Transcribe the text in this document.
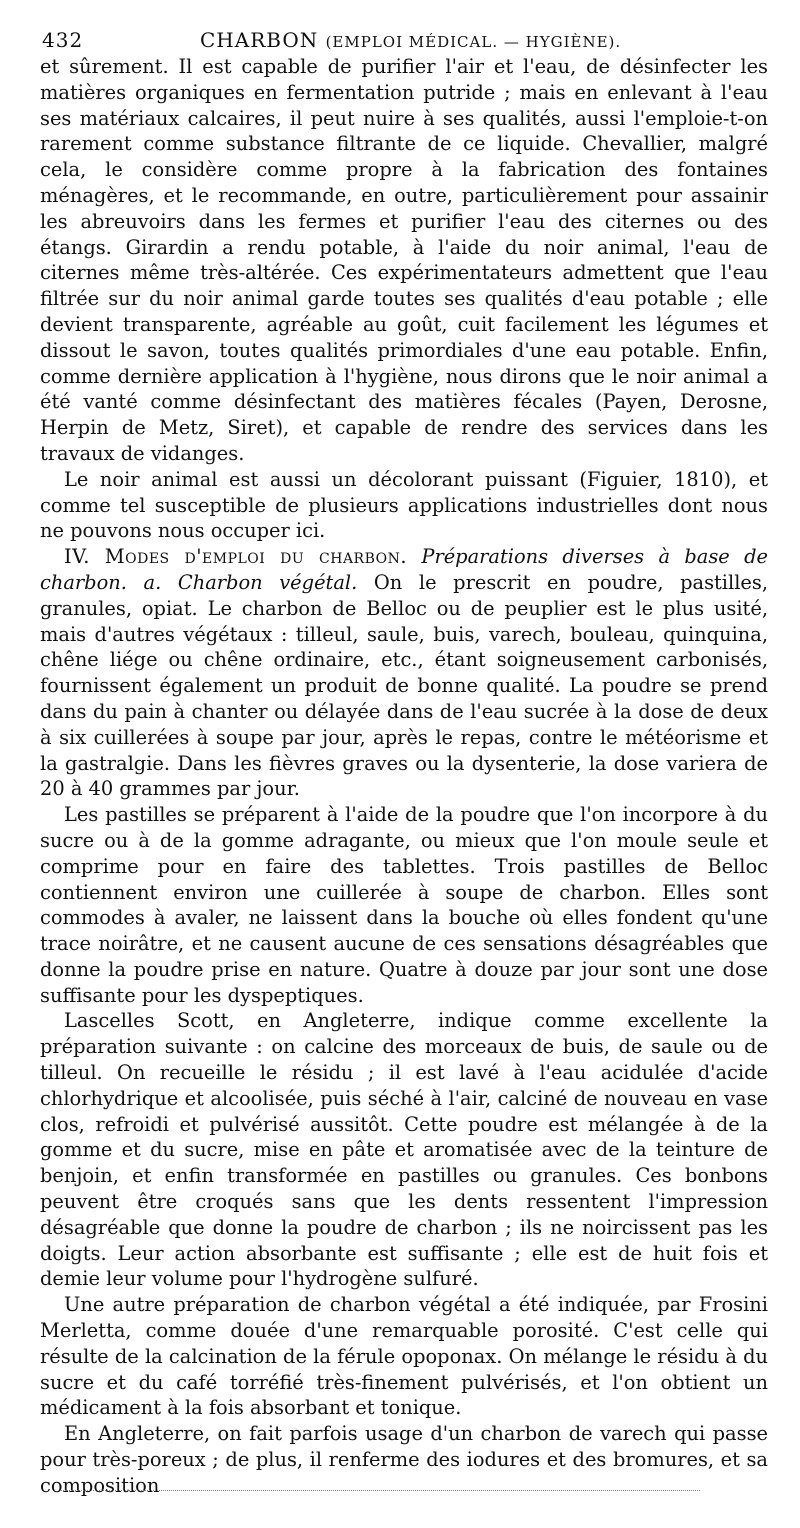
432	CHARBON (EMPLOI MÉDICAL. — HYGIÈNE).

et sûrement. Il est capable de purifier l'air et l'eau, de désinfecter les matières organiques en fermentation putride ; mais en enlevant à l'eau ses matériaux calcaires, il peut nuire à ses qualités, aussi l'emploie-t-on rarement comme substance filtrante de ce liquide. Chevallier, malgré cela, le considère comme propre à la fabrication des fontaines ménagères, et le recommande, en outre, particulièrement pour assainir les abreuvoirs dans les fermes et purifier l'eau des citernes ou des étangs. Girardin a rendu potable, à l'aide du noir animal, l'eau de citernes même très-altérée. Ces expérimentateurs admettent que l'eau filtrée sur du noir animal garde toutes ses qualités d'eau potable ; elle devient transparente, agréable au goût, cuit facilement les légumes et dissout le savon, toutes qualités primordiales d'une eau potable. Enfin, comme dernière application à l'hygiène, nous dirons que le noir animal a été vanté comme désinfectant des matières fécales (Payen, Derosne, Herpin de Metz, Siret), et capable de rendre des services dans les travaux de vidanges.

Le noir animal est aussi un décolorant puissant (Figuier, 1810), et comme tel susceptible de plusieurs applications industrielles dont nous ne pouvons nous occuper ici.

IV. Modes d'emploi du charbon. Préparations diverses à base de charbon. a. Charbon végétal. On le prescrit en poudre, pastilles, granules, opiat. Le charbon de Belloc ou de peuplier est le plus usité, mais d'autres végétaux : tilleul, saule, buis, varech, bouleau, quinquina, chêne liége ou chêne ordinaire, etc., étant soigneusement carbonisés, fournissent également un produit de bonne qualité. La poudre se prend dans du pain à chanter ou délayée dans de l'eau sucrée à la dose de deux à six cuillerées à soupe par jour, après le repas, contre le météorisme et la gastralgie. Dans les fièvres graves ou la dysenterie, la dose variera de 20 à 40 grammes par jour.

Les pastilles se préparent à l'aide de la poudre que l'on incorpore à du sucre ou à de la gomme adragante, ou mieux que l'on moule seule et comprime pour en faire des tablettes. Trois pastilles de Belloc contiennent environ une cuillerée à soupe de charbon. Elles sont commodes à avaler, ne laissent dans la bouche où elles fondent qu'une trace noirâtre, et ne causent aucune de ces sensations désagréables que donne la poudre prise en nature. Quatre à douze par jour sont une dose suffisante pour les dyspeptiques.

Lascelles Scott, en Angleterre, indique comme excellente la préparation suivante : on calcine des morceaux de buis, de saule ou de tilleul. On recueille le résidu ; il est lavé à l'eau acidulée d'acide chlorhydrique et alcoolisée, puis séché à l'air, calciné de nouveau en vase clos, refroidi et pulvérisé aussitôt. Cette poudre est mélangée à de la gomme et du sucre, mise en pâte et aromatisée avec de la teinture de benjoin, et enfin transformée en pastilles ou granules. Ces bonbons peuvent être croqués sans que les dents ressentent l'impression désagréable que donne la poudre de charbon ; ils ne noircissent pas les doigts. Leur action absorbante est suffisante ; elle est de huit fois et demie leur volume pour l'hydrogène sulfuré.

Une autre préparation de charbon végétal a été indiquée, par Frosini Merletta, comme douée d'une remarquable porosité. C'est celle qui résulte de la calcination de la férule opoponax. On mélange le résidu à du sucre et du café torréfié très-finement pulvérisés, et l'on obtient un médicament à la fois absorbant et tonique.

En Angleterre, on fait parfois usage d'un charbon de varech qui passe pour très-poreux ; de plus, il renferme des iodures et des bromures, et sa composition
